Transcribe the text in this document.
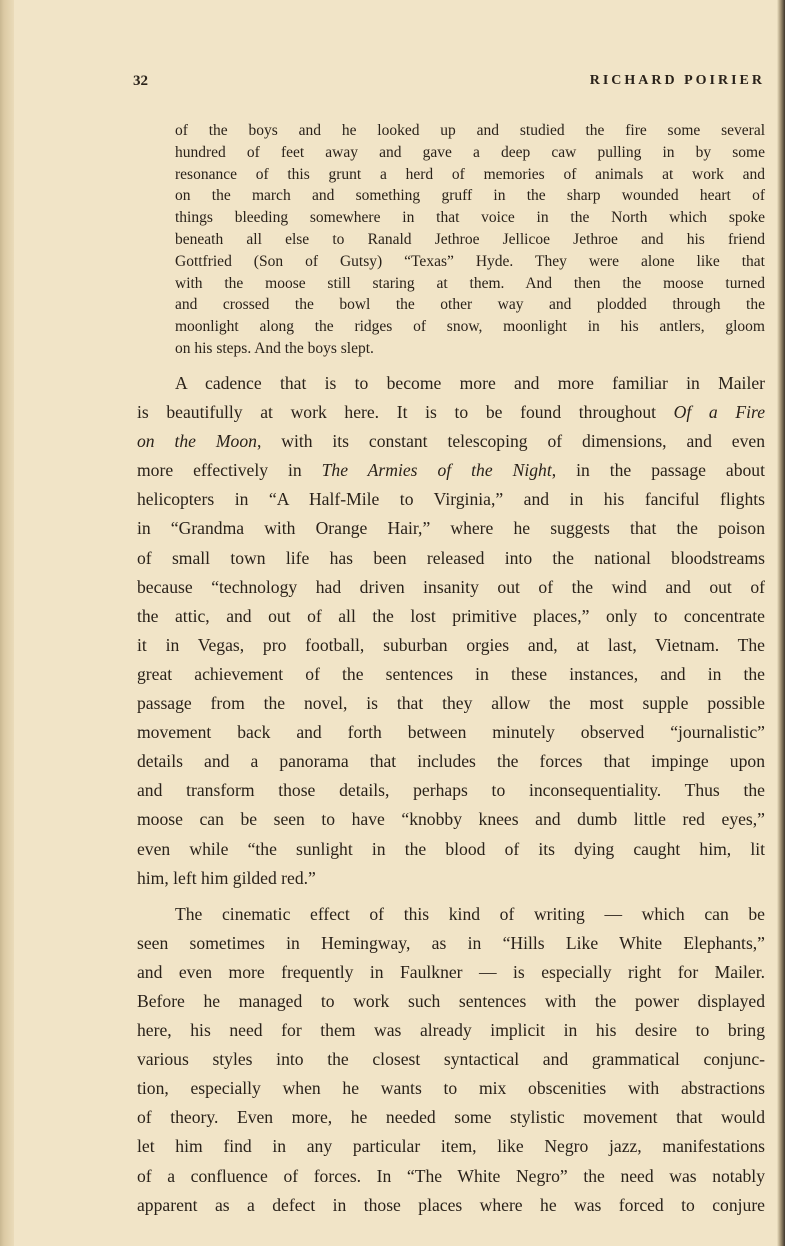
32	RICHARD POIRIER
of the boys and he looked up and studied the fire some several
hundred of feet away and gave a deep caw pulling in by some
resonance of this grunt a herd of memories of animals at work and
on the march and something gruff in the sharp wounded heart of
things bleeding somewhere in that voice in the North which spoke
beneath all else to Ranald Jethroe Jellicoe Jethroe and his friend
Gottfried (Son of Gutsy) “Texas” Hyde. They were alone like that
with the moose still staring at them. And then the moose turned
and crossed the bowl the other way and plodded through the
moonlight along the ridges of snow, moonlight in his antlers, gloom
on his steps. And the boys slept.
A cadence that is to become more and more familiar in Mailer
is beautifully at work here. It is to be found throughout Of a Fire
on the Moon, with its constant telescoping of dimensions, and even
more effectively in The Armies of the Night, in the passage about
helicopters in “A Half-Mile to Virginia,” and in his fanciful flights
in “Grandma with Orange Hair,” where he suggests that the poison
of small town life has been released into the national bloodstreams
because “technology had driven insanity out of the wind and out of
the attic, and out of all the lost primitive places,” only to concentrate
it in Vegas, pro football, suburban orgies and, at last, Vietnam. The
great achievement of the sentences in these instances, and in the
passage from the novel, is that they allow the most supple possible
movement back and forth between minutely observed “journalistic”
details and a panorama that includes the forces that impinge upon
and transform those details, perhaps to inconsequentiality. Thus the
moose can be seen to have “knobby knees and dumb little red eyes,”
even while “the sunlight in the blood of its dying caught him, lit
him, left him gilded red.”
The cinematic effect of this kind of writing — which can be
seen sometimes in Hemingway, as in “Hills Like White Elephants,”
and even more frequently in Faulkner — is especially right for Mailer.
Before he managed to work such sentences with the power displayed
here, his need for them was already implicit in his desire to bring
various styles into the closest syntactical and grammatical conjunc-
tion, especially when he wants to mix obscenities with abstractions
of theory. Even more, he needed some stylistic movement that would
let him find in any particular item, like Negro jazz, manifestations
of a confluence of forces. In “The White Negro” the need was notably
apparent as a defect in those places where he was forced to conjure
